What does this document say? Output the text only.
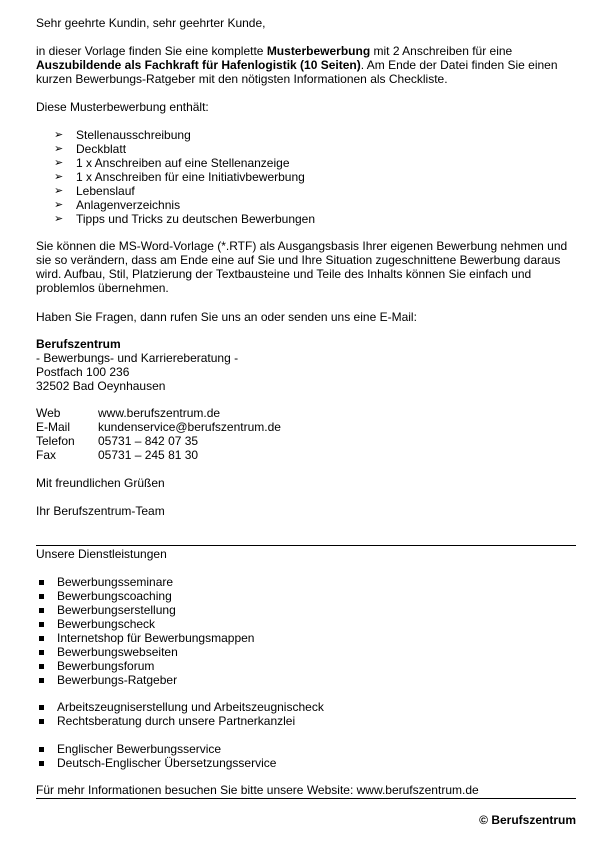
Sehr geehrte Kundin, sehr geehrter Kunde,

in dieser Vorlage finden Sie eine komplette Musterbewerbung mit 2 Anschreiben für eine Auszubildende als Fachkraft für Hafenlogistik (10 Seiten). Am Ende der Datei finden Sie einen kurzen Bewerbungs-Ratgeber mit den nötigsten Informationen als Checkliste.

Diese Musterbewerbung enthält:

➢ Stellenausschreibung
➢ Deckblatt
➢ 1 x Anschreiben auf eine Stellenanzeige
➢ 1 x Anschreiben für eine Initiativbewerbung
➢ Lebenslauf
➢ Anlagenverzeichnis
➢ Tipps und Tricks zu deutschen Bewerbungen

Sie können die MS-Word-Vorlage (*.RTF) als Ausgangsbasis Ihrer eigenen Bewerbung nehmen und sie so verändern, dass am Ende eine auf Sie und Ihre Situation zugeschnittene Bewerbung daraus wird. Aufbau, Stil, Platzierung der Textbausteine und Teile des Inhalts können Sie einfach und problemlos übernehmen.

Haben Sie Fragen, dann rufen Sie uns an oder senden uns eine E-Mail:

Berufszentrum

- Bewerbungs- und Karriereberatung -

Postfach 100 236

32502 Bad Oeynhausen

Web	www.berufszentrum.de
E-Mail	kundenservice@berufszentrum.de
Telefon	05731 – 842 07 35
Fax	05731 – 245 81 30

Mit freundlichen Grüßen

Ihr Berufszentrum-Team

Unsere Dienstleistungen

Bewerbungsseminare
Bewerbungscoaching
Bewerbungserstellung
Bewerbungscheck
Internetshop für Bewerbungsmappen
Bewerbungswebseiten
Bewerbungsforum
Bewerbungs-Ratgeber
Arbeitszeugniserstellung und Arbeitszeugnischeck
Rechtsberatung durch unsere Partnerkanzlei
Englischer Bewerbungsservice
Deutsch-Englischer Übersetzungsservice

Für mehr Informationen besuchen Sie bitte unsere Website: www.berufszentrum.de

© Berufszentrum
